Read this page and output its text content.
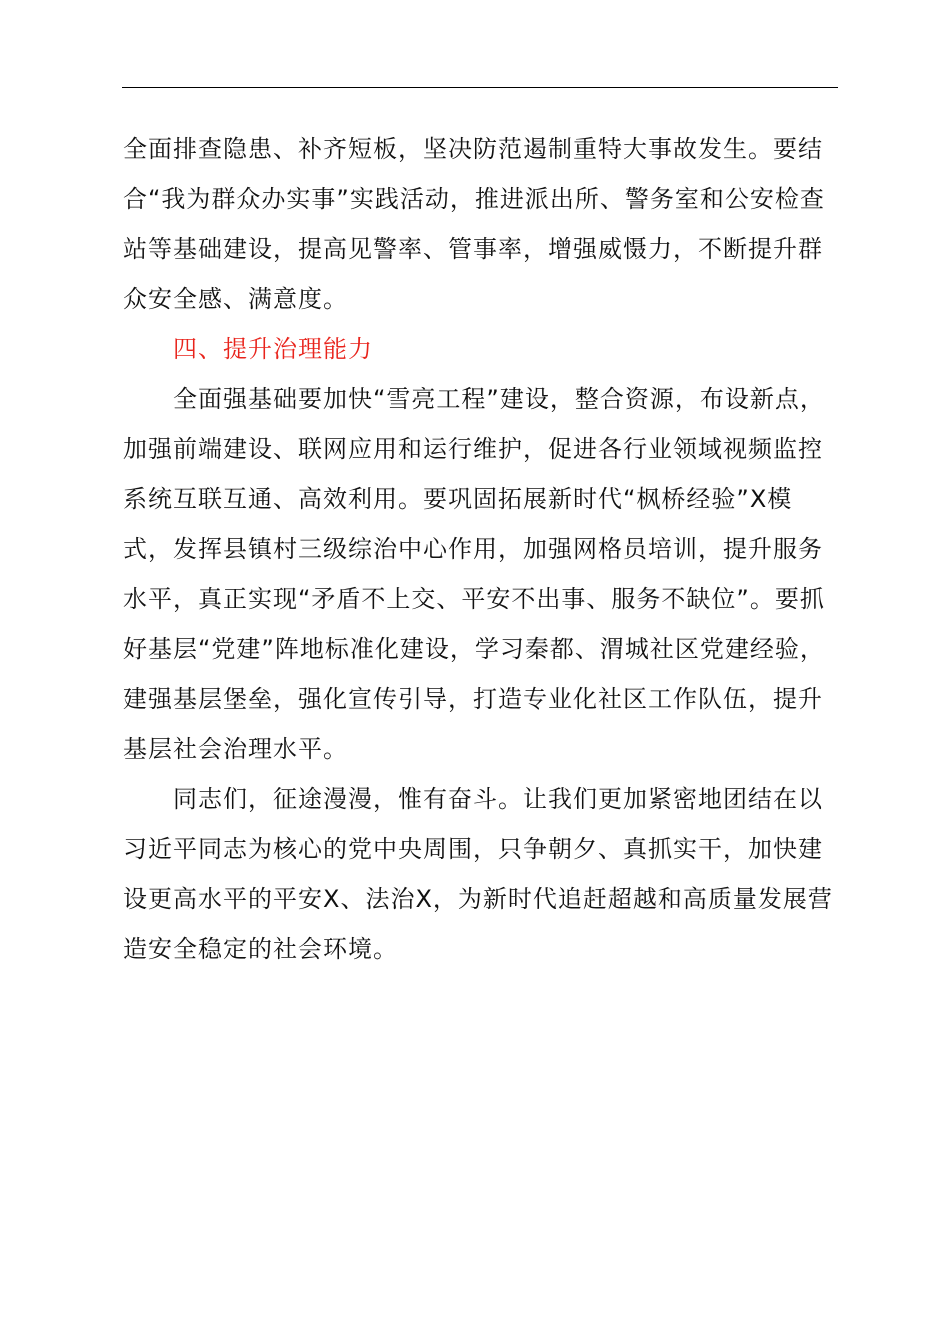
全面排查隐患、补齐短板，坚决防范遏制重特大事故发生。要结合“我为群众办实事”实践活动，推进派出所、警务室和公安检查站等基础建设，提高见警率、管事率，增强威慑力，不断提升群众安全感、满意度。

四、提升治理能力

全面强基础要加快“雪亮工程”建设，整合资源，布设新点，加强前端建设、联网应用和运行维护，促进各行业领域视频监控系统互联互通、高效利用。要巩固拓展新时代“枫桥经验”X模式，发挥县镇村三级综治中心作用，加强网格员培训，提升服务水平，真正实现“矛盾不上交、平安不出事、服务不缺位”。要抓好基层“党建”阵地标准化建设，学习秦都、渭城社区党建经验，建强基层堡垒，强化宣传引导，打造专业化社区工作队伍，提升基层社会治理水平。

同志们，征途漫漫，惟有奋斗。让我们更加紧密地团结在以习近平同志为核心的党中央周围，只争朝夕、真抓实干，加快建设更高水平的平安X、法治X，为新时代追赶超越和高质量发展营造安全稳定的社会环境。
